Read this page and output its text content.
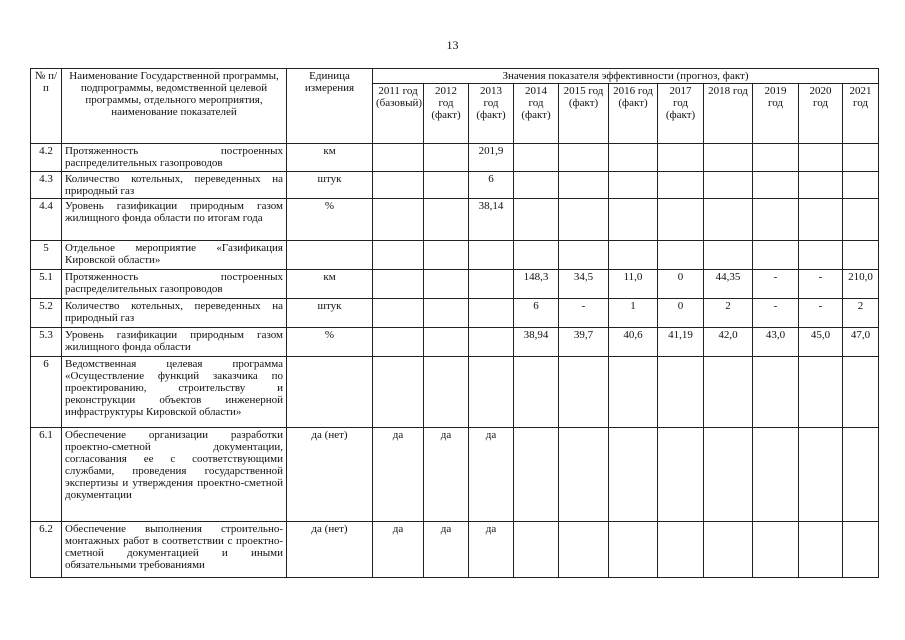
13
№ п/п	Наименование Государственной программы, подпрограммы, ведомственной целевой программы, отдельного мероприятия, наименование показателей	Единица измерения	Значения показателя эффективности (прогноз, факт)										
			2011 год (базовый)	2012 год (факт)	2013 год (факт)	2014 год (факт)	2015 год (факт)	2016 год (факт)	2017 год (факт)	2018 год	2019 год	2020 год	2021 год
4.2	Протяженность построенных распределительных газопроводов	км			201,9								
4.3	Количество котельных, переведенных на природный газ	штук			6								
4.4	Уровень газификации природным газом жилищного фонда области по итогам года	%			38,14								
5	Отдельное мероприятие «Газификация Кировской области»												
5.1	Протяженность построенных распределительных газопроводов	км				148,3	34,5	11,0	0	44,35	-	-	210,0
5.2	Количество котельных, переведенных на природный газ	штук				6	-	1	0	2	-	-	2
5.3	Уровень газификации природным газом жилищного фонда области	%				38,94	39,7	40,6	41,19	42,0	43,0	45,0	47,0
6	Ведомственная целевая программа «Осуществление функций заказчика по проектированию, строительству и реконструкции объектов инженерной инфраструктуры Кировской области»												
6.1	Обеспечение организации разработки проектно-сметной документации, согласования ее с соответствующими службами, проведения государственной экспертизы и утверждения проектно-сметной документации	да (нет)	да	да	да								
6.2	Обеспечение выполнения строительно-монтажных работ в соответствии с проектно-сметной документацией и иными обязательными требованиями	да (нет)	да	да	да								
